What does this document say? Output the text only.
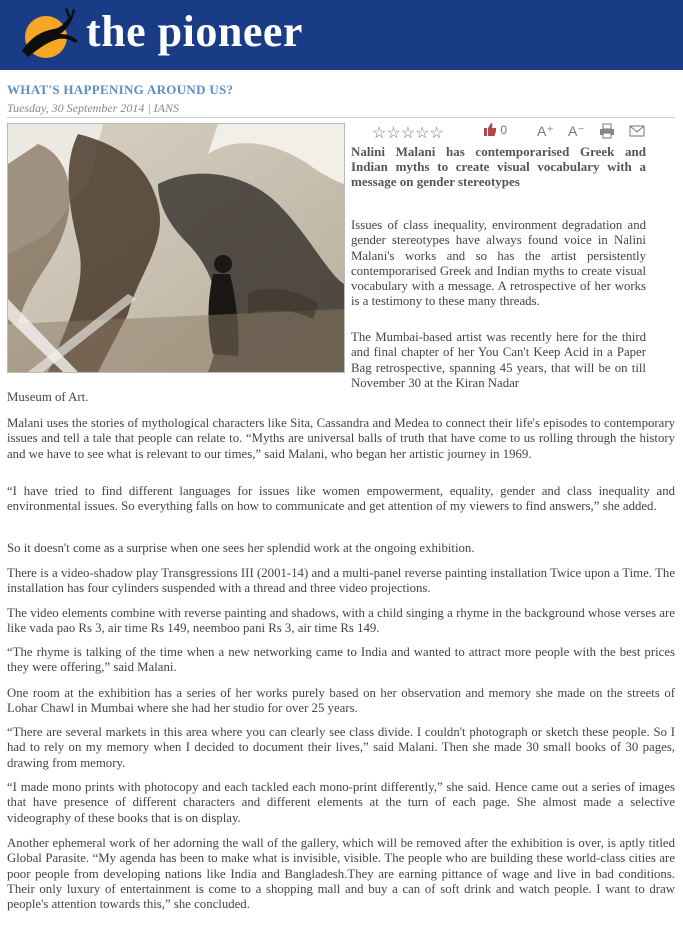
the pioneer
WHAT'S HAPPENING AROUND US?
Tuesday, 30 September 2014 | IANS
☆☆☆☆☆	0 A⁺ A⁻
Nalini Malani has contemporarised Greek and Indian myths to create visual vocabulary with a message on gender stereotypes

Issues of class inequality, environment degradation and gender stereotypes have always found voice in Nalini Malani's works and so has the artist persistently contemporarised Greek and Indian myths to create visual vocabulary with a message. A retrospective of her works is a testimony to these many threads.

The Mumbai-based artist was recently here for the third and final chapter of her You Can't Keep Acid in a Paper Bag retrospective, spanning 45 years, that will be on till November 30 at the Kiran Nadar

Museum of Art.

Malani uses the stories of mythological characters like Sita, Cassandra and Medea to connect their life's episodes to contemporary issues and tell a tale that people can relate to. “Myths are universal balls of truth that have come to us rolling through the history and we have to see what is relevant to our times,” said Malani, who began her artistic journey in 1969.

“I have tried to find different languages for issues like women empowerment, equality, gender and class inequality and environmental issues. So everything falls on how to communicate and get attention of my viewers to find answers,” she added.

So it doesn't come as a surprise when one sees her splendid work at the ongoing exhibition.

There is a video-shadow play Transgressions III (2001-14) and a multi-panel reverse painting installation Twice upon a Time. The installation has four cylinders suspended with a thread and three video projections.

The video elements combine with reverse painting and shadows, with a child singing a rhyme in the background whose verses are like vada pao Rs 3, air time Rs 149, neemboo pani Rs 3, air time Rs 149.

“The rhyme is talking of the time when a new networking came to India and wanted to attract more people with the best prices they were offering,” said Malani.

One room at the exhibition has a series of her works purely based on her observation and memory she made on the streets of Lohar Chawl in Mumbai where she had her studio for over 25 years.

“There are several markets in this area where you can clearly see class divide. I couldn't photograph or sketch these people. So I had to rely on my memory when I decided to document their lives,” said Malani. Then she made 30 small books of 30 pages, drawing from memory.

“I made mono prints with photocopy and each tackled each mono-print differently,” she said. Hence came out a series of images that have presence of different characters and different elements at the turn of each page. She almost made a selective videography of these books that is on display.

Another ephemeral work of her adorning the wall of the gallery, which will be removed after the exhibition is over, is aptly titled Global Parasite. “My agenda has been to make what is invisible, visible. The people who are building these world-class cities are poor people from developing nations like India and Bangladesh.They are earning pittance of wage and live in bad conditions. Their only luxury of entertainment is come to a shopping mall and buy a can of soft drink and watch people. I want to draw people's attention towards this,” she concluded.
